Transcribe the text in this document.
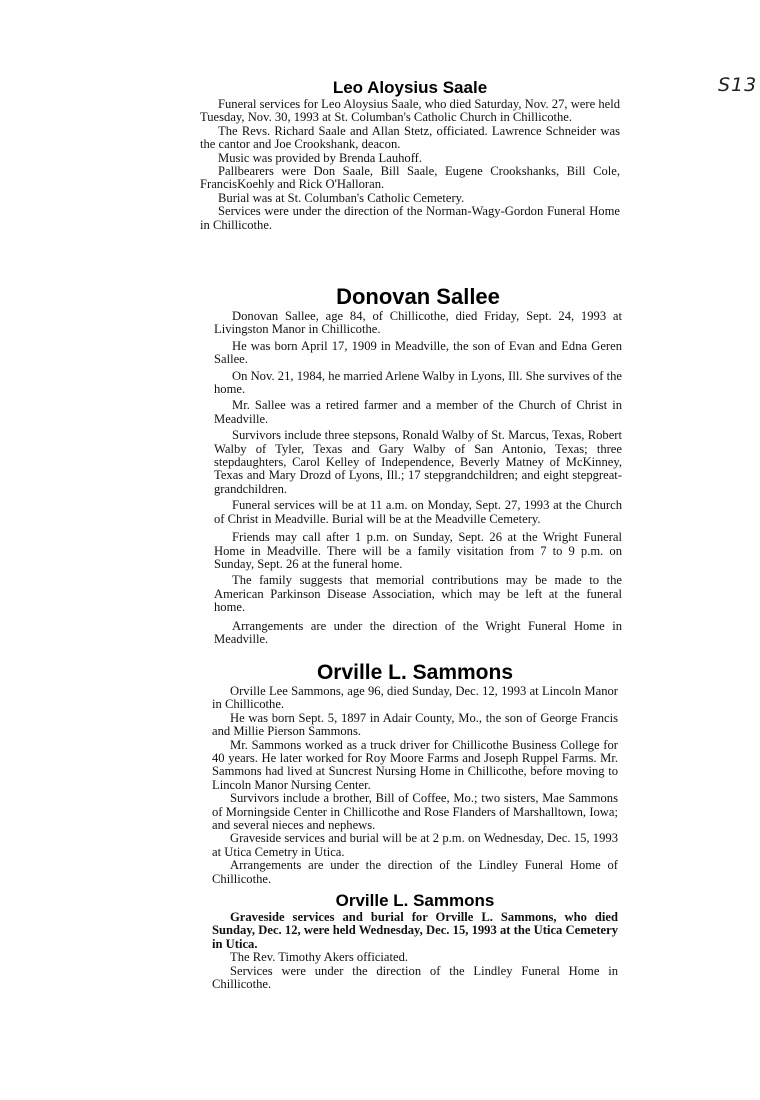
S13
Leo Aloysius Saale

Funeral services for Leo Aloysius Saale, who died Saturday, Nov. 27, were held Tuesday, Nov. 30, 1993 at St. Columban's Catholic Church in Chillicothe.

The Revs. Richard Saale and Allan Stetz, officiated. Lawrence Schneider was the cantor and Joe Crookshank, deacon.

Music was provided by Brenda Lauhoff.

Pallbearers were Don Saale, Bill Saale, Eugene Crookshanks, Bill Cole, FrancisKoehly and Rick O'Halloran.

Burial was at St. Columban's Catholic Cemetery.

Services were under the direction of the Norman-Wagy-Gordon Funeral Home in Chillicothe.

Donovan Sallee

Donovan Sallee, age 84, of Chillicothe, died Friday, Sept. 24, 1993 at Livingston Manor in Chillicothe.

He was born April 17, 1909 in Meadville, the son of Evan and Edna Geren Sallee.

On Nov. 21, 1984, he married Arlene Walby in Lyons, Ill. She survives of the home.

Mr. Sallee was a retired farmer and a member of the Church of Christ in Meadville.

Survivors include three stepsons, Ronald Walby of St. Marcus, Texas, Robert Walby of Tyler, Texas and Gary Walby of San Antonio, Texas; three stepdaughters, Carol Kelley of Independence, Beverly Matney of McKinney, Texas and Mary Drozd of Lyons, Ill.; 17 stepgrandchildren; and eight stepgreat-grandchildren.

Funeral services will be at 11 a.m. on Monday, Sept. 27, 1993 at the Church of Christ in Meadville. Burial will be at the Meadville Cemetery.

Friends may call after 1 p.m. on Sunday, Sept. 26 at the Wright Funeral Home in Meadville. There will be a family visitation from 7 to 9 p.m. on Sunday, Sept. 26 at the funeral home.

The family suggests that memorial contributions may be made to the American Parkinson Disease Association, which may be left at the funeral home.

Arrangements are under the direction of the Wright Funeral Home in Meadville.

Orville L. Sammons

Orville Lee Sammons, age 96, died Sunday, Dec. 12, 1993 at Lincoln Manor in Chillicothe.

He was born Sept. 5, 1897 in Adair County, Mo., the son of George Francis and Millie Pierson Sammons.

Mr. Sammons worked as a truck driver for Chillicothe Business College for 40 years. He later worked for Roy Moore Farms and Joseph Ruppel Farms. Mr. Sammons had lived at Suncrest Nursing Home in Chillicothe, before moving to Lincoln Manor Nursing Center.

Survivors include a brother, Bill of Coffee, Mo.; two sisters, Mae Sammons of Morningside Center in Chillicothe and Rose Flanders of Marshalltown, Iowa; and several nieces and nephews.

Graveside services and burial will be at 2 p.m. on Wednesday, Dec. 15, 1993 at Utica Cemetry in Utica.

Arrangements are under the direction of the Lindley Funeral Home of Chillicothe.

Orville L. Sammons

Graveside services and burial for Orville L. Sammons, who died Sunday, Dec. 12, were held Wednesday, Dec. 15, 1993 at the Utica Cemetery in Utica.

The Rev. Timothy Akers officiated.

Services were under the direction of the Lindley Funeral Home in Chillicothe.
